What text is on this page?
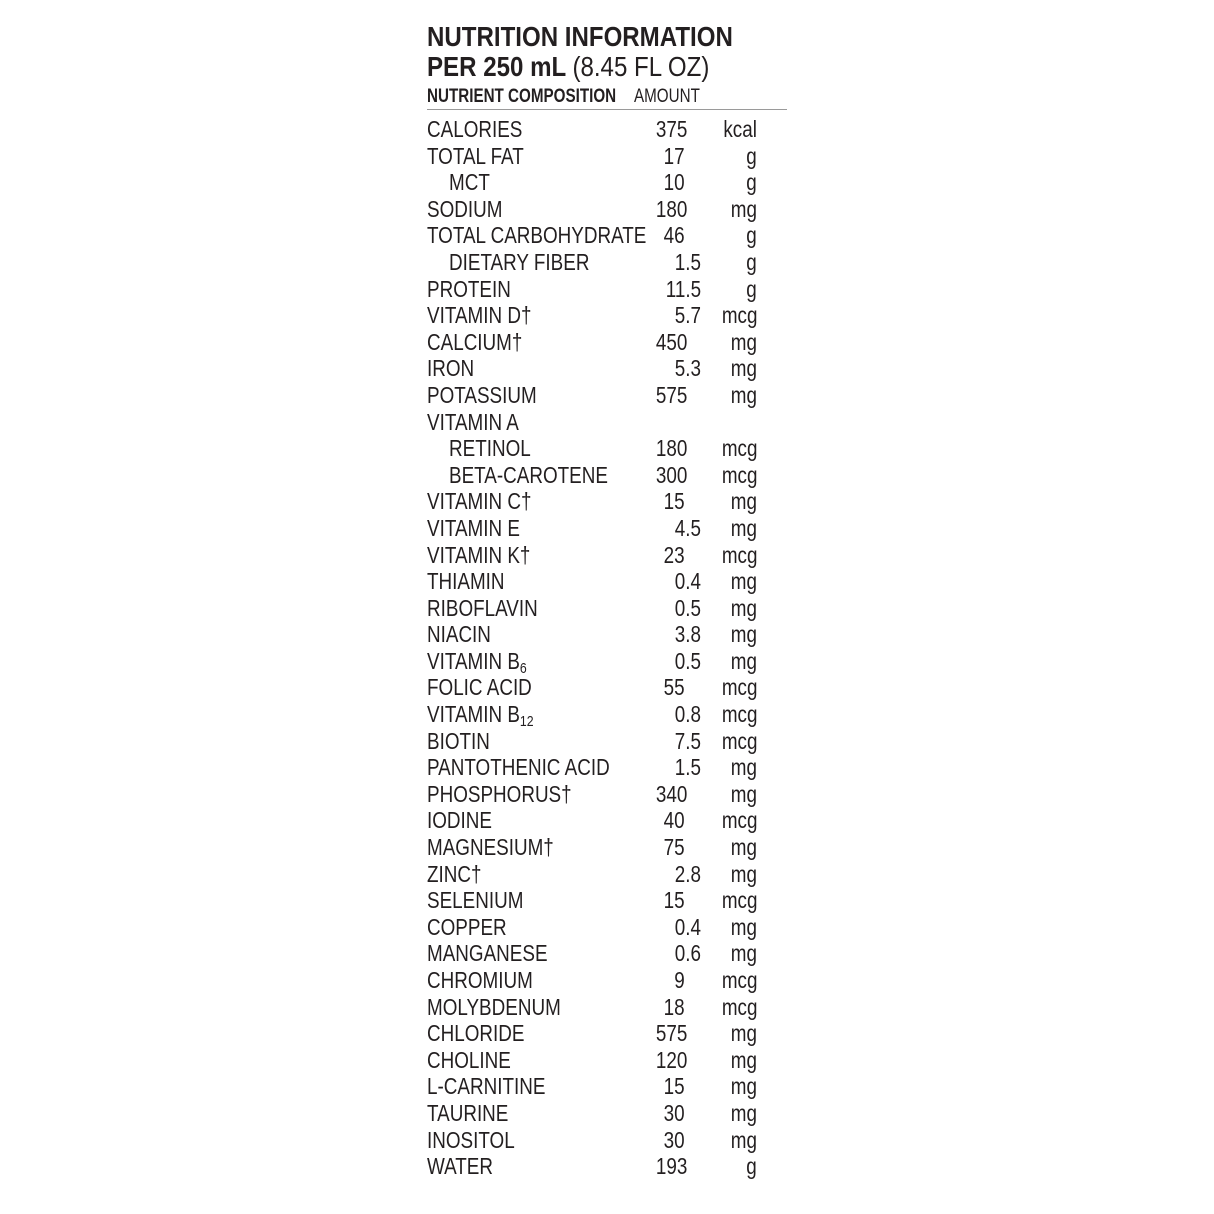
NUTRITION INFORMATION
PER 250 mL (8.45 FL OZ)
NUTRIENT COMPOSITION AMOUNT
CALORIES	375 kcal
TOTAL FAT	17	g
MCT	10	g
SODIUM	180 mg
TOTAL CARBOHYDRATE 46	g
DIETARY FIBER	1.5 g
PROTEIN	11.5 g
VITAMIN D†	5.7 mcg
CALCIUM†	450 mg
IRON	5.3 mg
POTASSIUM	575 mg
VITAMIN A
RETINOL	180 mcg
BETA-CAROTENE 300 mcg
VITAMIN C†	15 mg
VITAMIN E	4.5 mg
VITAMIN K†	23 mcg
THIAMIN	0.4 mg
RIBOFLAVIN	0.5 mg
NIACIN	3.8 mg
VITAMIN $B_6$	0.5 mg
FOLIC ACID	55 mcg
VITAMIN $B_{12}$	0.8 mcg
BIOTIN	7.5 mcg
PANTOTHENIC ACID	1.5 mg
PHOSPHORUS†	340 mg
IODINE	40 mcg
MAGNESIUM†	75 mg
ZINC†	2.8 mg
SELENIUM	15 mcg
COPPER	0.4 mg
MANGANESE	0.6 mg
CHROMIUM	9 mcg
MOLYBDENUM	18 mcg
CHLORIDE	575 mg
CHOLINE	120 mg
L-CARNITINE	15 mg
TAURINE	30 mg
INOSITOL	30 mg
WATER	193	g
